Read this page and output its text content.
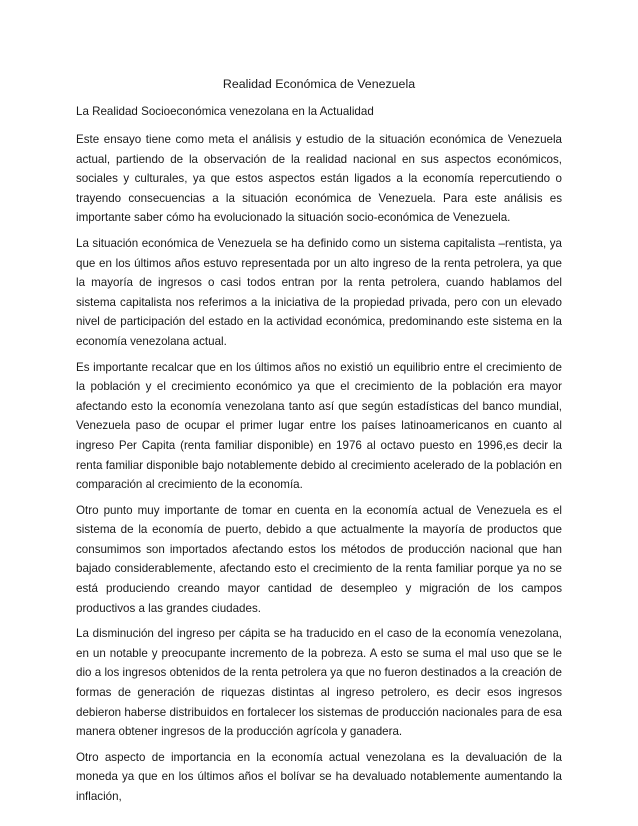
Realidad Económica de Venezuela
La Realidad Socioeconómica venezolana en la Actualidad

Este ensayo tiene como meta el análisis y estudio de la situación económica de Venezuela actual, partiendo de la observación de la realidad nacional en sus aspectos económicos, sociales y culturales, ya que estos aspectos están ligados a la economía repercutiendo o trayendo consecuencias a la situación económica de Venezuela. Para este análisis es importante saber cómo ha evolucionado la situación socio-económica de Venezuela.

La situación económica de Venezuela se ha definido como un sistema capitalista –rentista, ya que en los últimos años estuvo representada por un alto ingreso de la renta petrolera, ya que la mayoría de ingresos o casi todos entran por la renta petrolera, cuando hablamos del sistema capitalista nos referimos a la iniciativa de la propiedad privada, pero con un elevado nivel de participación del estado en la actividad económica, predominando este sistema en la economía venezolana actual.

Es importante recalcar que en los últimos años no existió un equilibrio entre el crecimiento de la población y el crecimiento económico ya que el crecimiento de la población era mayor afectando esto la economía venezolana tanto así que según estadísticas del banco mundial, Venezuela paso de ocupar el primer lugar entre los países latinoamericanos en cuanto al ingreso Per Capita (renta familiar disponible) en 1976 al octavo puesto en 1996,es decir la renta familiar disponible bajo notablemente debido al crecimiento acelerado de la población en comparación al crecimiento de la economía.

Otro punto muy importante de tomar en cuenta en la economía actual de Venezuela es el sistema de la economía de puerto, debido a que actualmente la mayoría de productos que consumimos son importados afectando estos los métodos de producción nacional que han bajado considerablemente, afectando esto el crecimiento de la renta familiar porque ya no se está produciendo creando mayor cantidad de desempleo y migración de los campos productivos a las grandes ciudades.

La disminución del ingreso per cápita se ha traducido en el caso de la economía venezolana, en un notable y preocupante incremento de la pobreza. A esto se suma el mal uso que se le dio a los ingresos obtenidos de la renta petrolera ya que no fueron destinados a la creación de formas de generación de riquezas distintas al ingreso petrolero, es decir esos ingresos debieron haberse distribuidos en fortalecer los sistemas de producción nacionales para de esa manera obtener ingresos de la producción agrícola y ganadera.

Otro aspecto de importancia en la economía actual venezolana es la devaluación de la moneda ya que en los últimos años el bolívar se ha devaluado notablemente aumentando la inflación,
